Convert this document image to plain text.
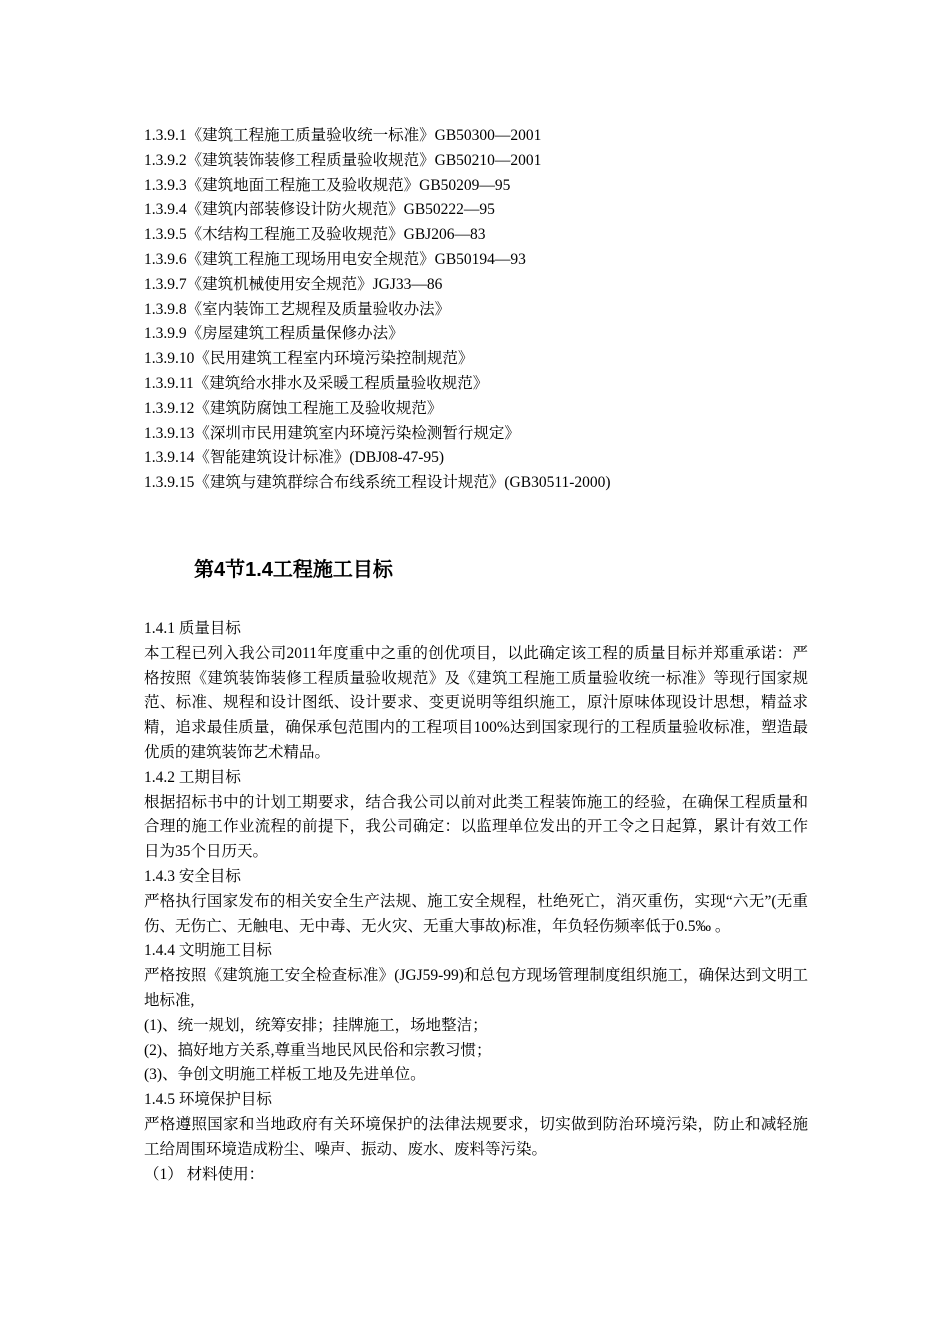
1.3.9.1《建筑工程施工质量验收统一标准》GB50300—2001
1.3.9.2《建筑装饰装修工程质量验收规范》GB50210—2001
1.3.9.3《建筑地面工程施工及验收规范》GB50209—95
1.3.9.4《建筑内部装修设计防火规范》GB50222—95
1.3.9.5《木结构工程施工及验收规范》GBJ206—83
1.3.9.6《建筑工程施工现场用电安全规范》GB50194—93
1.3.9.7《建筑机械使用安全规范》JGJ33—86
1.3.9.8《室内装饰工艺规程及质量验收办法》
1.3.9.9《房屋建筑工程质量保修办法》
1.3.9.10《民用建筑工程室内环境污染控制规范》
1.3.9.11《建筑给水排水及采暖工程质量验收规范》
1.3.9.12《建筑防腐蚀工程施工及验收规范》
1.3.9.13《深圳市民用建筑室内环境污染检测暂行规定》
1.3.9.14《智能建筑设计标准》(DBJ08-47-95)
1.3.9.15《建筑与建筑群综合布线系统工程设计规范》(GB30511-2000)
第4节1.4工程施工目标
1.4.1 质量目标
本工程已列入我公司2011年度重中之重的创优项目，以此确定该工程的质量目标并郑重承诺：严格按照《建筑装饰装修工程质量验收规范》及《建筑工程施工质量验收统一标准》等现行国家规范、标准、规程和设计图纸、设计要求、变更说明等组织施工，原汁原味体现设计思想，精益求精，追求最佳质量，确保承包范围内的工程项目100%达到国家现行的工程质量验收标准，塑造最优质的建筑装饰艺术精品。
1.4.2 工期目标
根据招标书中的计划工期要求，结合我公司以前对此类工程装饰施工的经验，在确保工程质量和合理的施工作业流程的前提下，我公司确定：以监理单位发出的开工令之日起算，累计有效工作日为35个日历天。
1.4.3 安全目标
严格执行国家发布的相关安全生产法规、施工安全规程，杜绝死亡，消灭重伤，实现“六无”(无重伤、无伤亡、无触电、无中毒、无火灾、无重大事故)标准，年负轻伤频率低于0.5‰ 。
1.4.4 文明施工目标
严格按照《建筑施工安全检查标准》(JGJ59-99)和总包方现场管理制度组织施工，确保达到文明工地标准,
(1)、统一规划，统筹安排；挂牌施工，场地整洁；
(2)、搞好地方关系,尊重当地民风民俗和宗教习惯；
(3)、争创文明施工样板工地及先进单位。
1.4.5 环境保护目标
严格遵照国家和当地政府有关环境保护的法律法规要求，切实做到防治环境污染，防止和减轻施工给周围环境造成粉尘、噪声、振动、废水、废料等污染。
（1） 材料使用：
